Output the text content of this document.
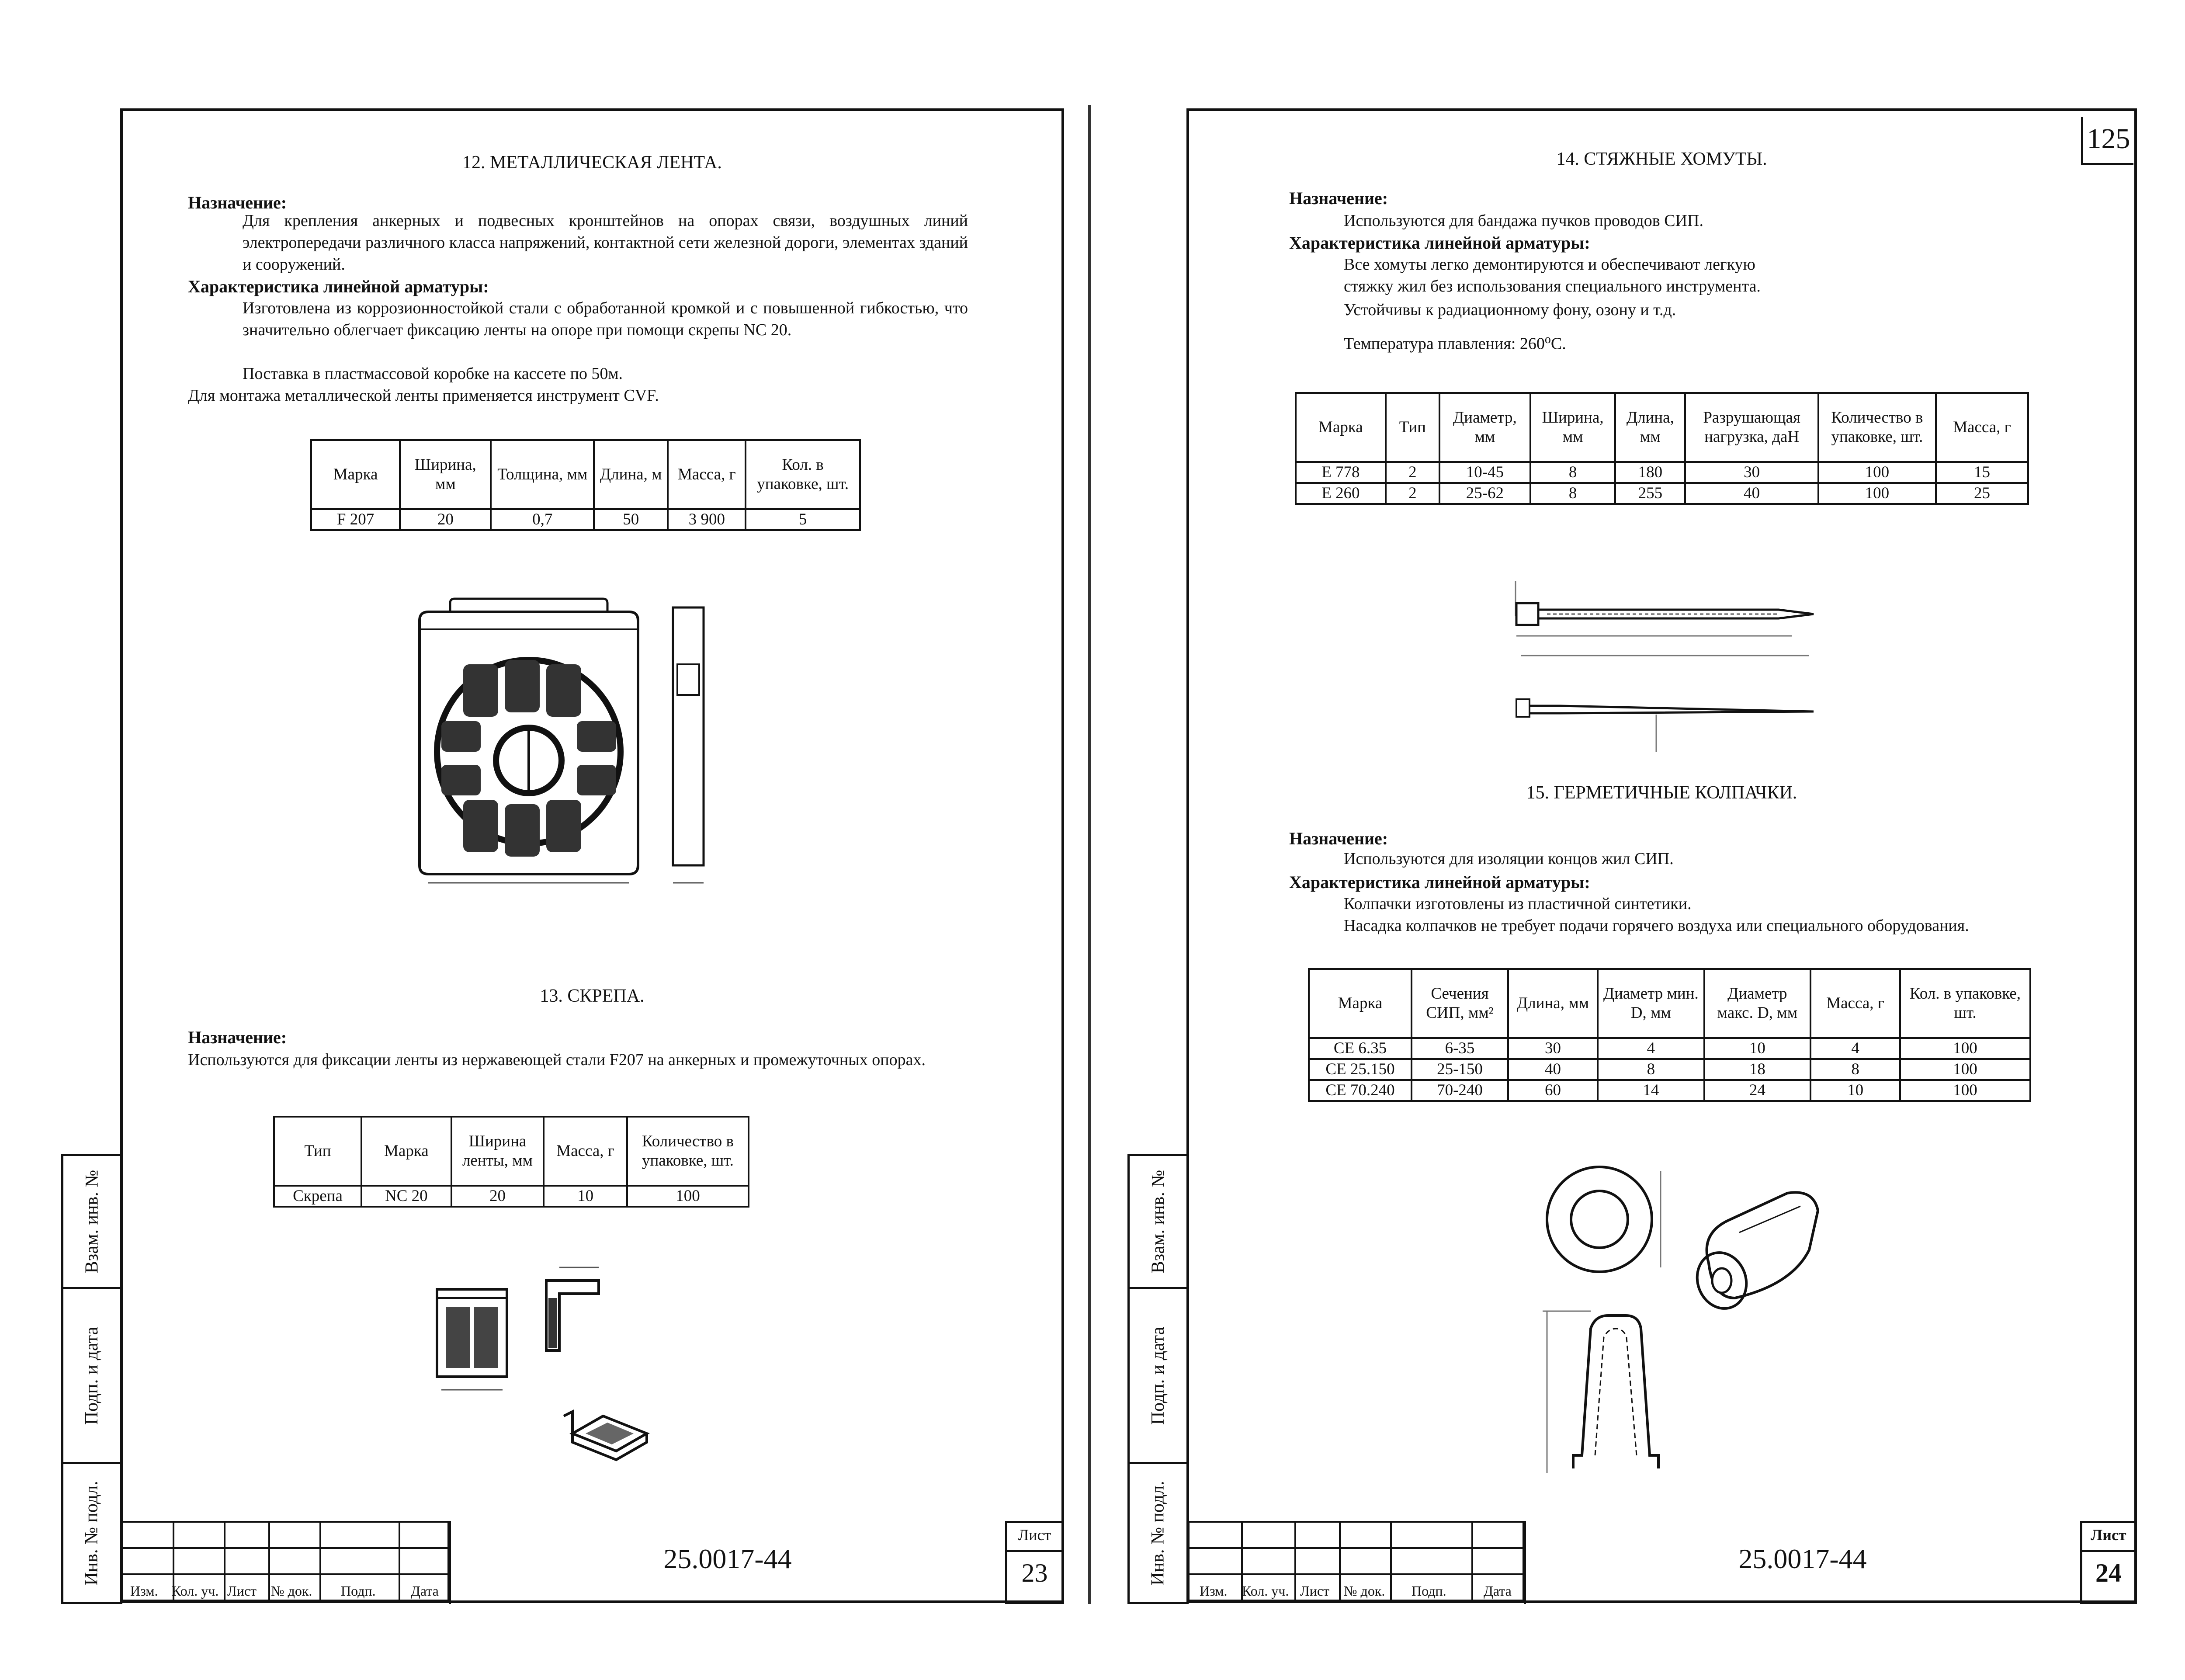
12. МЕТАЛЛИЧЕСКАЯ ЛЕНТА.
Назначение:
Для крепления анкерных и подвесных кронштейнов на опорах связи, воздушных линий электропередачи различного класса напряжений, контактной сети железной дороги, элементах зданий и сооружений.
Характеристика линейной арматуры:
Изготовлена из коррозионностойкой стали с обработанной кромкой и с повышенной гибкостью, что значительно облегчает фиксацию ленты на опоре при помощи скрепы NC 20.
Поставка в пластмассовой коробке на кассете по 50м.
Для монтажа металлической ленты применяется инструмент CVF.
Марка	Ширина, мм	Толщина, мм	Длина, м	Масса, г	Кол. в упаковке, шт.
F 207	20	0,7	50	3 900	5
13. СКРЕПА.
Назначение:
Используются для фиксации ленты из нержавеющей стали F207 на анкерных и промежуточных опорах.
Тип	Марка	Ширина ленты, мм	Масса, г	Количество в упаковке, шт.
Скрепа	NC 20	20	10	100
Взам. инв. №
Подп. и дата
Инв. № подл.

Изм. Кол. уч. Лист № док. Подп.	Дата
25.0017-44
Лист
23
125
14. СТЯЖНЫЕ ХОМУТЫ.
Назначение:
Используются для бандажа пучков проводов СИП.
Характеристика линейной арматуры:
Все хомуты легко демонтируются и обеспечивают легкую стяжку жил без использования специального инструмента.
Устойчивы к радиационному фону, озону и т.д.
Температура плавления: 260$^o$С.
Марка	Тип	Диаметр, мм	Ширина, мм	Длина, мм	Разрушающая нагрузка, даН	Количество в упаковке, шт.	Масса, г
E 778	2	10-45	8	180	30	100	15
E 260	2	25-62	8	255	40	100	25
15. ГЕРМЕТИЧНЫЕ КОЛПАЧКИ.
Назначение:
Используются для изоляции концов жил СИП.
Характеристика линейной арматуры:
Колпачки изготовлены из пластичной синтетики.
Насадка колпачков не требует подачи горячего воздуха или специального оборудования.
Марка	Сечения СИП, мм²	Длина, мм	Диаметр мин. D, мм	Диаметр макс. D, мм	Масса, г	Кол. в упаковке, шт.
CE 6.35	6-35	30	4	10	4	100
CE 25.150	25-150	40	8	18	8	100
CE 70.240	70-240	60	14	24	10	100
Взам. инв. №
Подп. и дата
Инв. № подл.

Изм. Кол. уч. Лист № док. Подп.	Дата
25.0017-44
Лист
24
